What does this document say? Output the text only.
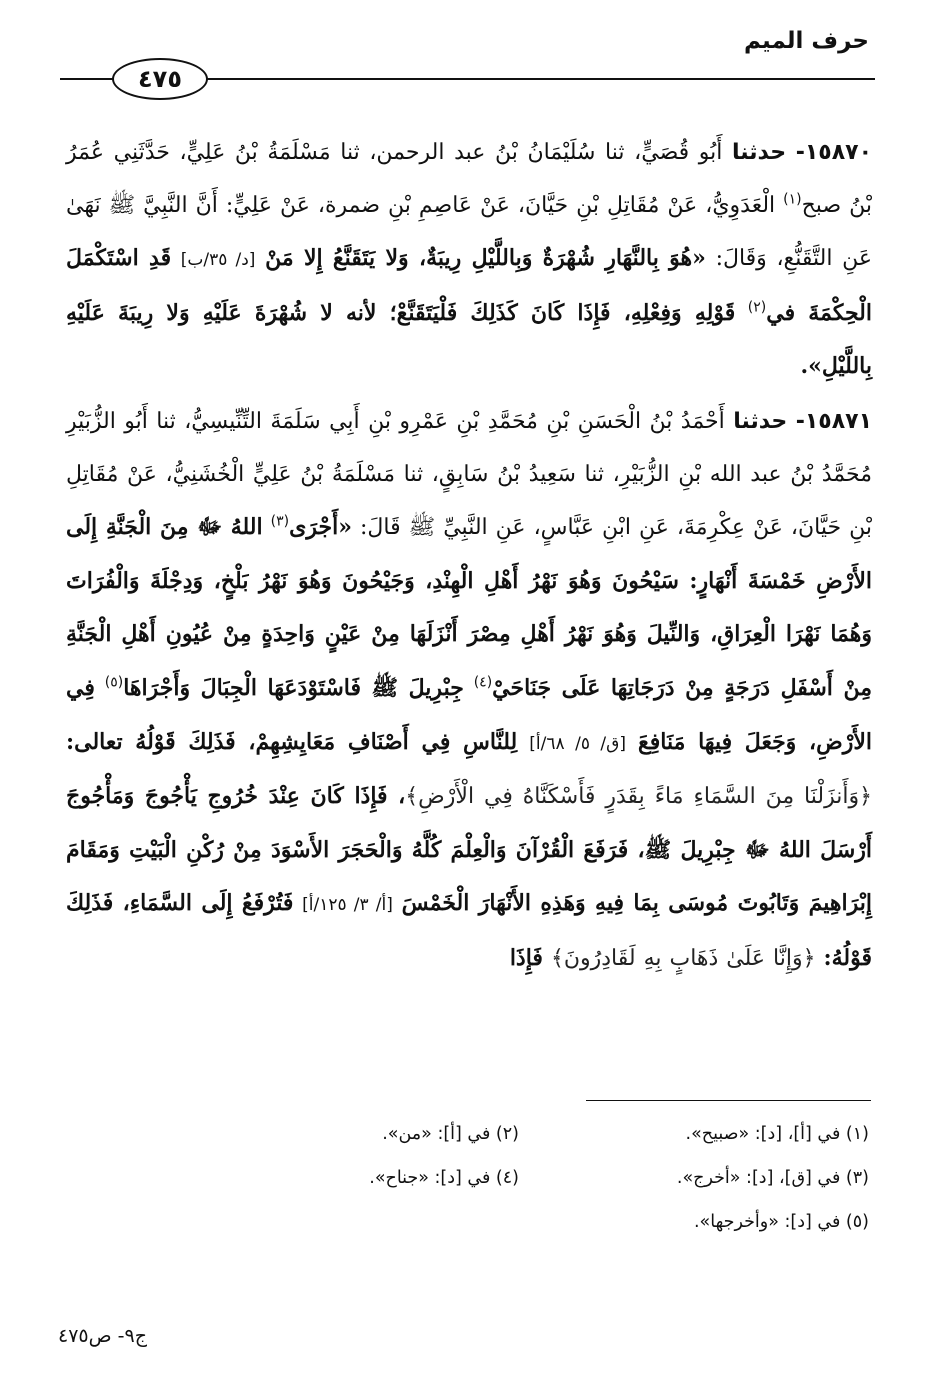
حرف الميم
٤٧٥

١٥٨٧٠- حدثنا أَبُو قُصَيٍّ، ثنا سُلَيْمَانُ بْنُ عبد الرحمن، ثنا مَسْلَمَةُ بْنُ عَلِيٍّ، حَدَّثَنِي عُمَرُ بْنُ صبح$^{(١)}$ الْعَدَوِيُّ، عَنْ مُقَاتِلِ بْنِ حَيَّانَ، عَنْ عَاصِمِ بْنِ ضمرة، عَنْ عَلِيٍّ: أَنَّ النَّبِيَّ ﷺ نَهَىٰ عَنِ التَّقَنُّعِ، وَقَالَ: «هُوَ بِالنَّهَارِ شُهْرَةٌ وَبِاللَّيْلِ رِيبَةٌ، وَلا يَتَقَنَّعُ إِلا مَنْ [د/ ٣٥/ب] قَدِ اسْتَكْمَلَ الْحِكْمَةَ في$^{(٢)}$ قَوْلِهِ وَفِعْلِهِ، فَإِذَا كَانَ كَذَلِكَ فَلْيَتَقَنَّعْ؛ لأنه لا شُهْرَةَ عَلَيْهِ وَلا رِيبَةَ عَلَيْهِ بِاللَّيْلِ».

١٥٨٧١- حدثنا أَحْمَدُ بْنُ الْحَسَنِ بْنِ مُحَمَّدِ بْنِ عَمْرِو بْنِ أَبِي سَلَمَةَ التِّنِّيسِيُّ، ثنا أَبُو الزُّبَيْرِ مُحَمَّدُ بْنُ عبد الله بْنِ الزُّبَيْرِ، ثنا سَعِيدُ بْنُ سَابِقٍ، ثنا مَسْلَمَةُ بْنُ عَلِيٍّ الْخُشَنِيُّ، عَنْ مُقَاتِلِ بْنِ حَيَّانَ، عَنْ عِكْرِمَةَ، عَنِ ابْنِ عَبَّاسٍ، عَنِ النَّبِيِّ ﷺ قَالَ: «أَجْرَى$^{(٣)}$ اللهُ ﷻ مِنَ الْجَنَّةِ إِلَى الأَرْضِ خَمْسَةَ أَنْهَارٍ: سَيْحُونَ وَهُوَ نَهْرُ أَهْلِ الْهِنْدِ، وَجَيْحُونَ وَهُوَ نَهْرُ بَلْخٍ، وَدِجْلَةَ وَالْفُرَاتَ وَهُمَا نَهْرَا الْعِرَاقِ، وَالنِّيلَ وَهُوَ نَهْرُ أَهْلِ مِصْرَ أَنْزَلَهَا مِنْ عَيْنٍ وَاحِدَةٍ مِنْ عُيُونِ أَهْلِ الْجَنَّةِ مِنْ أَسْفَلِ دَرَجَةٍ مِنْ دَرَجَاتِهَا عَلَى جَنَاحَيْ$^{(٤)}$ جِبْرِيلَ ﷺ فَاسْتَوْدَعَهَا الْجِبَالَ وَأَجْرَاهَا$^{(٥)}$ فِي الأَرْضِ، وَجَعَلَ فِيهَا مَنَافِعَ [ق/ ٥/ ٦٨/أ] لِلنَّاسِ فِي أَصْنَافِ مَعَايِشِهِمْ، فَذَلِكَ قَوْلُهُ تعالى: ﴿وَأَنزَلْنَا مِنَ السَّمَاءِ مَاءً بِقَدَرٍ فَأَسْكَنَّاهُ فِي الْأَرْضِ﴾، فَإِذَا كَانَ عِنْدَ خُرُوجِ يَأْجُوجَ وَمَأْجُوجَ أَرْسَلَ اللهُ ﷻ جِبْرِيلَ ﷺ، فَرَفَعَ الْقُرْآنَ وَالْعِلْمَ كُلَّهُ وَالْحَجَرَ الأَسْوَدَ مِنْ رُكْنِ الْبَيْتِ وَمَقَامَ إِبْرَاهِيمَ وَتَابُوتَ مُوسَى بِمَا فِيهِ وَهَذِهِ الأَنْهَارَ الْخَمْسَ [أ/ ٣/ ١٢٥/أ] فَتُرْفَعُ إِلَى السَّمَاءِ، فَذَلِكَ قَوْلُهُ: ﴿وَإِنَّا عَلَىٰ ذَهَابٍ بِهِ لَقَادِرُونَ﴾ فَإِذَا

(١) في [أ]، [د]: «صبيح».
(٢) في [أ]: «من».
(٣) في [ق]، [د]: «أخرج».
(٤) في [د]: «جناح».
(٥) في [د]: «وأخرجها».
ج٩- ص٤٧٥
